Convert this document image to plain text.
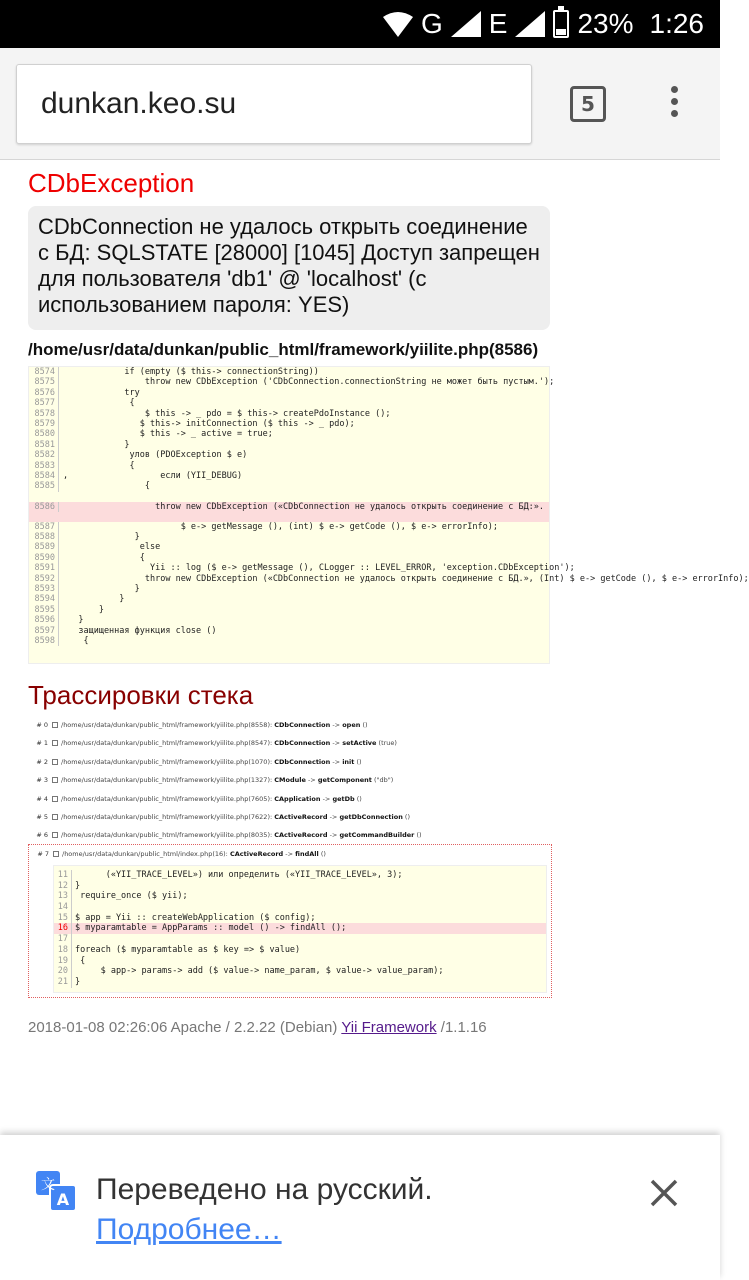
G E	23% 1:26
dunkan.keo.su	5
CDbException
CDbConnection не удалось открыть соединение с БД: SQLSTATE [28000] [1045] Доступ запрещен для пользователя 'db1' @ 'localhost' (с использованием пароля: YES)
/home/usr/data/dunkan/public_html/framework/yiilite.php(8586)
8574            if (empty ($ this-> connectionString))
8575                throw new CDbException ('CDbConnection.connectionString не может быть пустым.');
8576            try
8577             {
8578                $ this -> _ pdo = $ this-> createPdoInstance ();
8579               $ this-> initConnection ($ this -> _ pdo);
8580               $ this -> _ active = true;
8581            }
8582             улов (PDOException $ e)
8583             {
8584 ,                  если (YII_DEBUG)
8585                {
8586                  throw new CDbException («CDbConnection не удалось открыть соединение с БД:».
8587                       $ e-> getMessage (), (int) $ e-> getCode (), $ e-> errorInfo);
8588              }
8589               else
8590               {
8591                 Yii :: log ($ e-> getMessage (), CLogger :: LEVEL_ERROR, 'exception.CDbException');
8592                throw new CDbException («CDbConnection не удалось открыть соединение с БД.», (Int) $ e-> getCode (), $ e-> errorInfo);
8593              }
8594           }
8595       }
8596   }
8597   защищенная функция close ()
8598    {
Трассировки стека
# 0 /home/usr/data/dunkan/public_html/framework/yiilite.php(8558): CDbConnection -> open ()
# 1 /home/usr/data/dunkan/public_html/framework/yiilite.php(8547): CDbConnection -> setActive (true)
# 2 /home/usr/data/dunkan/public_html/framework/yiilite.php(1070): CDbConnection -> init ()
# 3 /home/usr/data/dunkan/public_html/framework/yiilite.php(1327): CModule -> getComponent ("db")
# 4 /home/usr/data/dunkan/public_html/framework/yiilite.php(7605): CApplication -> getDb ()
# 5 /home/usr/data/dunkan/public_html/framework/yiilite.php(7622): CActiveRecord -> getDbConnection ()
# 6 /home/usr/data/dunkan/public_html/framework/yiilite.php(8035): CActiveRecord -> getCommandBuilder ()
# 7 /home/usr/data/dunkan/public_html/index.php(16): CActiveRecord -> findAll ()
11      («YII_TRACE_LEVEL») или определить («YII_TRACE_LEVEL», 3);
12 }
13 require_once ($ yii);
14
15 $ app = Yii :: createWebApplication ($ config);
16 $ myparamtable = AppParams :: model () -> findAll ();
17
18 foreach ($ myparamtable as $ key => $ value)
19 {
20     $ app-> params-> add ($ value-> name_param, $ value-> value_param);
21 }
2018-01-08 02:26:06 Apache / 2.2.22 (Debian) Yii Framework /1.1.16
文
A Переведено на русский.
Подробнее…
